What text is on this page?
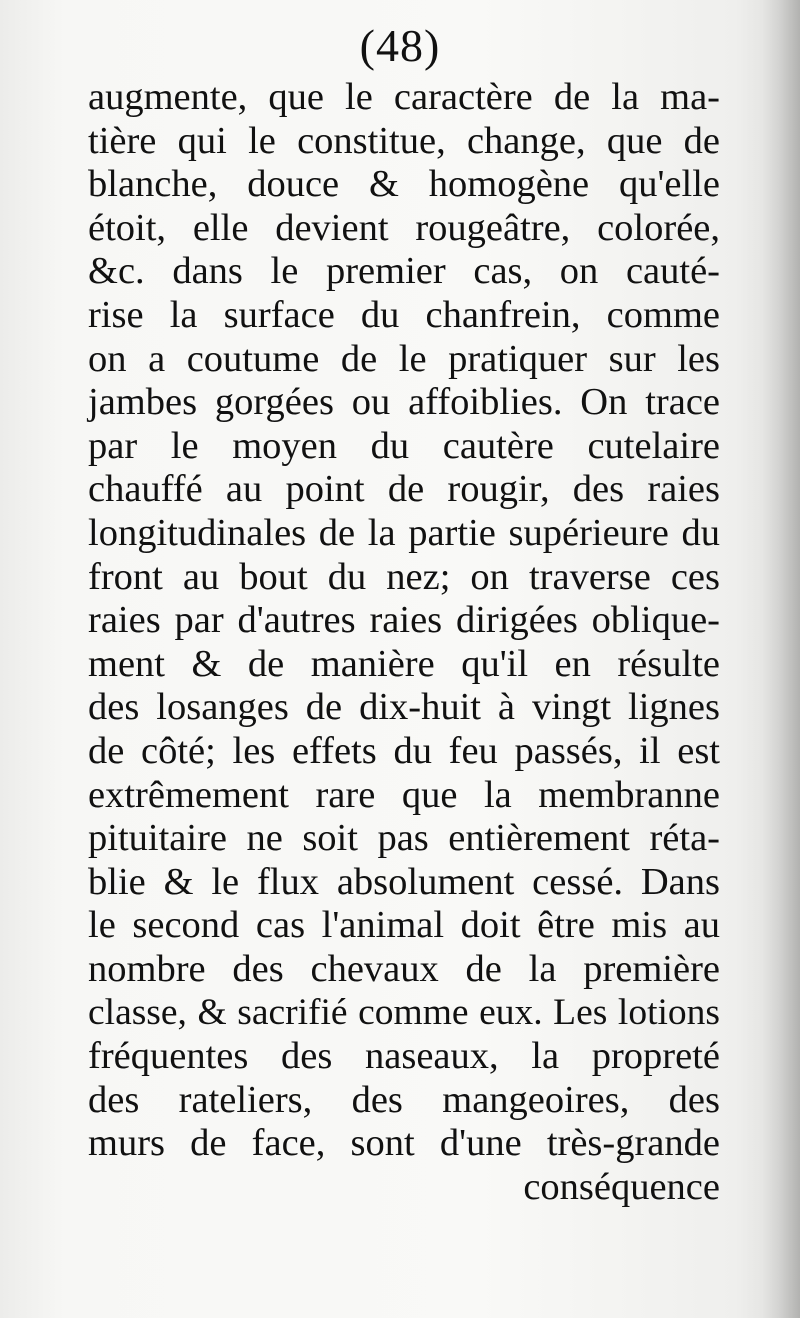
(48)
augmente, que le caractère de la ma-
tière qui le constitue, change, que de
blanche, douce & homogène qu'elle
étoit, elle devient rougeâtre, colorée,
&c. dans le premier cas, on cauté-
rise la surface du chanfrein, comme
on a coutume de le pratiquer sur les
jambes gorgées ou affoiblies. On trace
par le moyen du cautère cutelaire
chauffé au point de rougir, des raies
longitudinales de la partie supérieure du
front au bout du nez; on traverse ces
raies par d'autres raies dirigées oblique-
ment & de manière qu'il en résulte
des losanges de dix-huit à vingt lignes
de côté; les effets du feu passés, il est
extrêmement rare que la membranne
pituitaire ne soit pas entièrement réta-
blie & le flux absolument cessé. Dans
le second cas l'animal doit être mis au
nombre des chevaux de la première
classe, & sacrifié comme eux. Les lotions
fréquentes des naseaux, la propreté
des rateliers, des mangeoires, des
murs de face, sont d'une très-grande
conséquence
